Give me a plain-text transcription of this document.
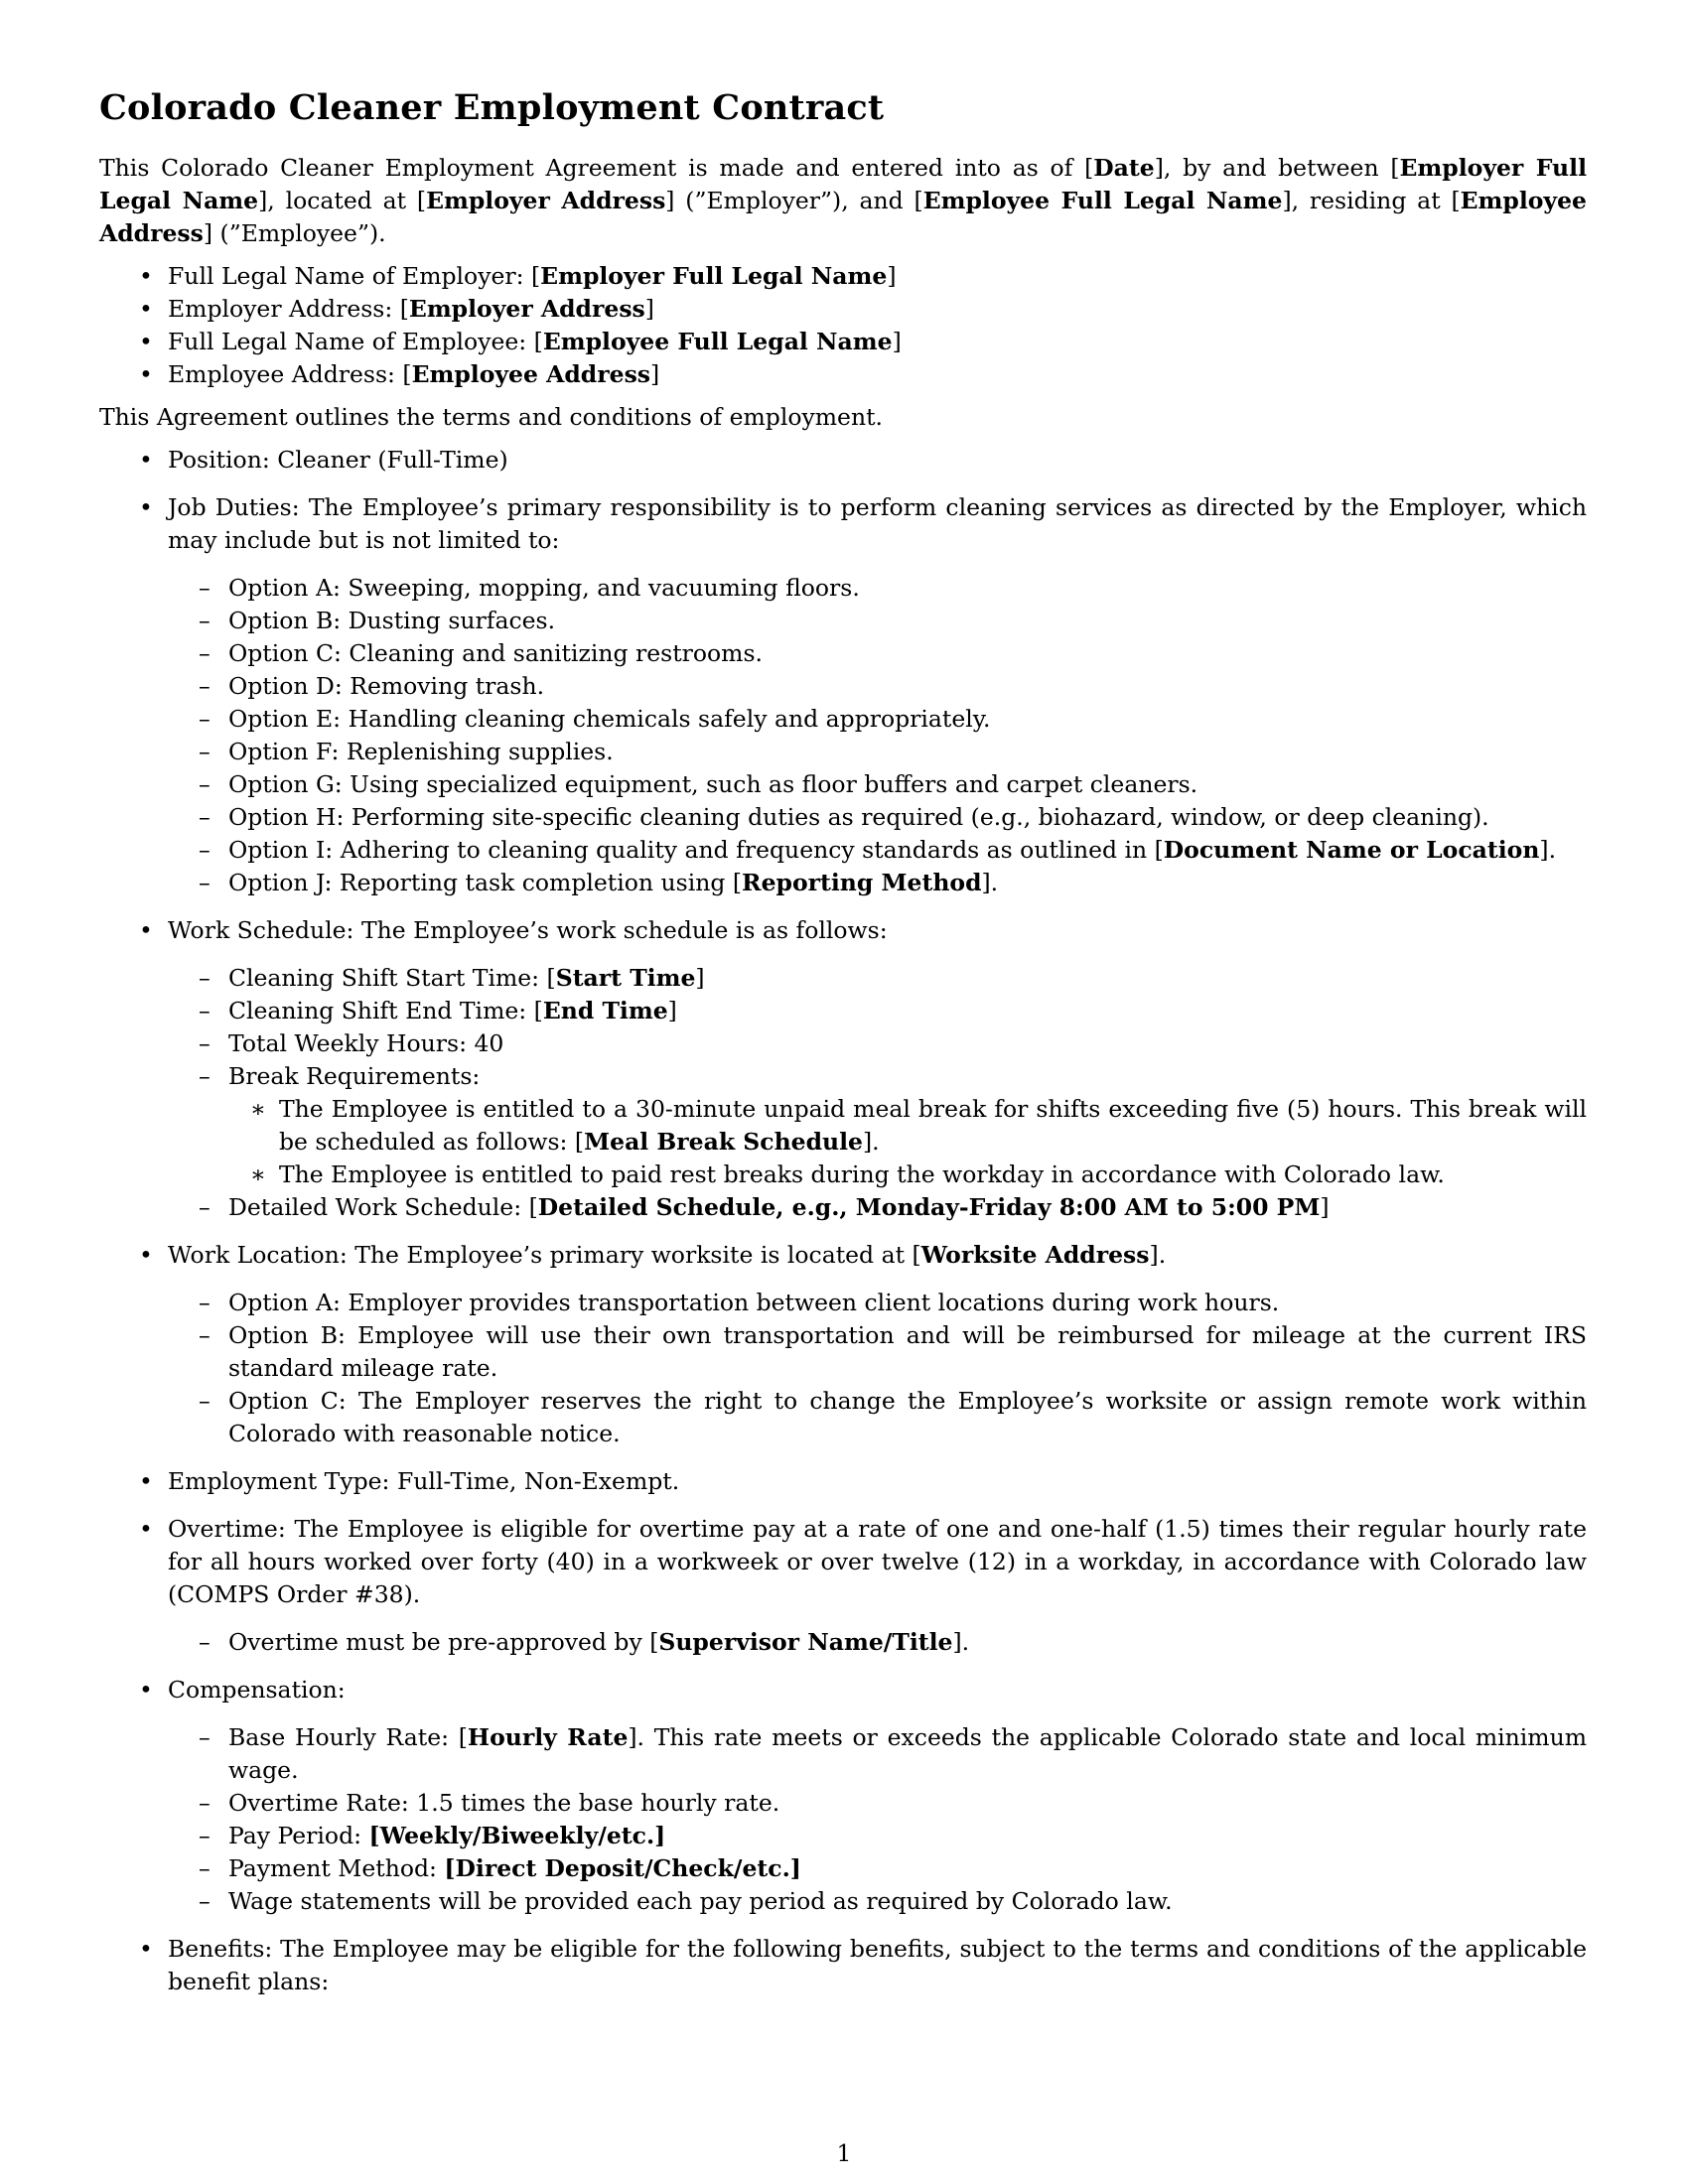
Colorado Cleaner Employment Contract

This Colorado Cleaner Employment Agreement is made and entered into as of [Date], by and between [Employer Full Legal Name], located at [Employer Address] (”Employer”), and [Employee Full Legal Name], residing at [Employee Address] (”Employee”).

• Full Legal Name of Employer: [Employer Full Legal Name]
• Employer Address: [Employer Address]
• Full Legal Name of Employee: [Employee Full Legal Name]
• Employee Address: [Employee Address]

This Agreement outlines the terms and conditions of employment.

• Position: Cleaner (Full-Time)
• Job Duties: The Employee’s primary responsibility is to perform cleaning services as directed by the Employer, which may include but is not limited to:
– Option A: Sweeping, mopping, and vacuuming floors.
– Option B: Dusting surfaces.
– Option C: Cleaning and sanitizing restrooms.
– Option D: Removing trash.
– Option E: Handling cleaning chemicals safely and appropriately.
– Option F: Replenishing supplies.
– Option G: Using specialized equipment, such as floor buffers and carpet cleaners.
– Option H: Performing site-specific cleaning duties as required (e.g., biohazard, window, or deep cleaning).
– Option I: Adhering to cleaning quality and frequency standards as outlined in [Document Name or Location].
– Option J: Reporting task completion using [Reporting Method].
• Work Schedule: The Employee’s work schedule is as follows:
– Cleaning Shift Start Time: [Start Time]
– Cleaning Shift End Time: [End Time]
– Total Weekly Hours: 40
– Break Requirements:
∗ The Employee is entitled to a 30-minute unpaid meal break for shifts exceeding five (5) hours. This break will be scheduled as follows: [Meal Break Schedule].
∗ The Employee is entitled to paid rest breaks during the workday in accordance with Colorado law.
– Detailed Work Schedule: [Detailed Schedule, e.g., Monday-Friday 8:00 AM to 5:00 PM]
• Work Location: The Employee’s primary worksite is located at [Worksite Address].
– Option A: Employer provides transportation between client locations during work hours.
– Option B: Employee will use their own transportation and will be reimbursed for mileage at the current IRS standard mileage rate.
– Option C: The Employer reserves the right to change the Employee’s worksite or assign remote work within Colorado with reasonable notice.
• Employment Type: Full-Time, Non-Exempt.
• Overtime: The Employee is eligible for overtime pay at a rate of one and one-half (1.5) times their regular hourly rate for all hours worked over forty (40) in a workweek or over twelve (12) in a workday, in accordance with Colorado law (COMPS Order #38).
– Overtime must be pre-approved by [Supervisor Name/Title].
• Compensation:
– Base Hourly Rate: [Hourly Rate]. This rate meets or exceeds the applicable Colorado state and local minimum wage.
– Overtime Rate: 1.5 times the base hourly rate.
– Pay Period: [Weekly/Biweekly/etc.]
– Payment Method: [Direct Deposit/Check/etc.]
– Wage statements will be provided each pay period as required by Colorado law.
• Benefits: The Employee may be eligible for the following benefits, subject to the terms and conditions of the applicable benefit plans:
1
